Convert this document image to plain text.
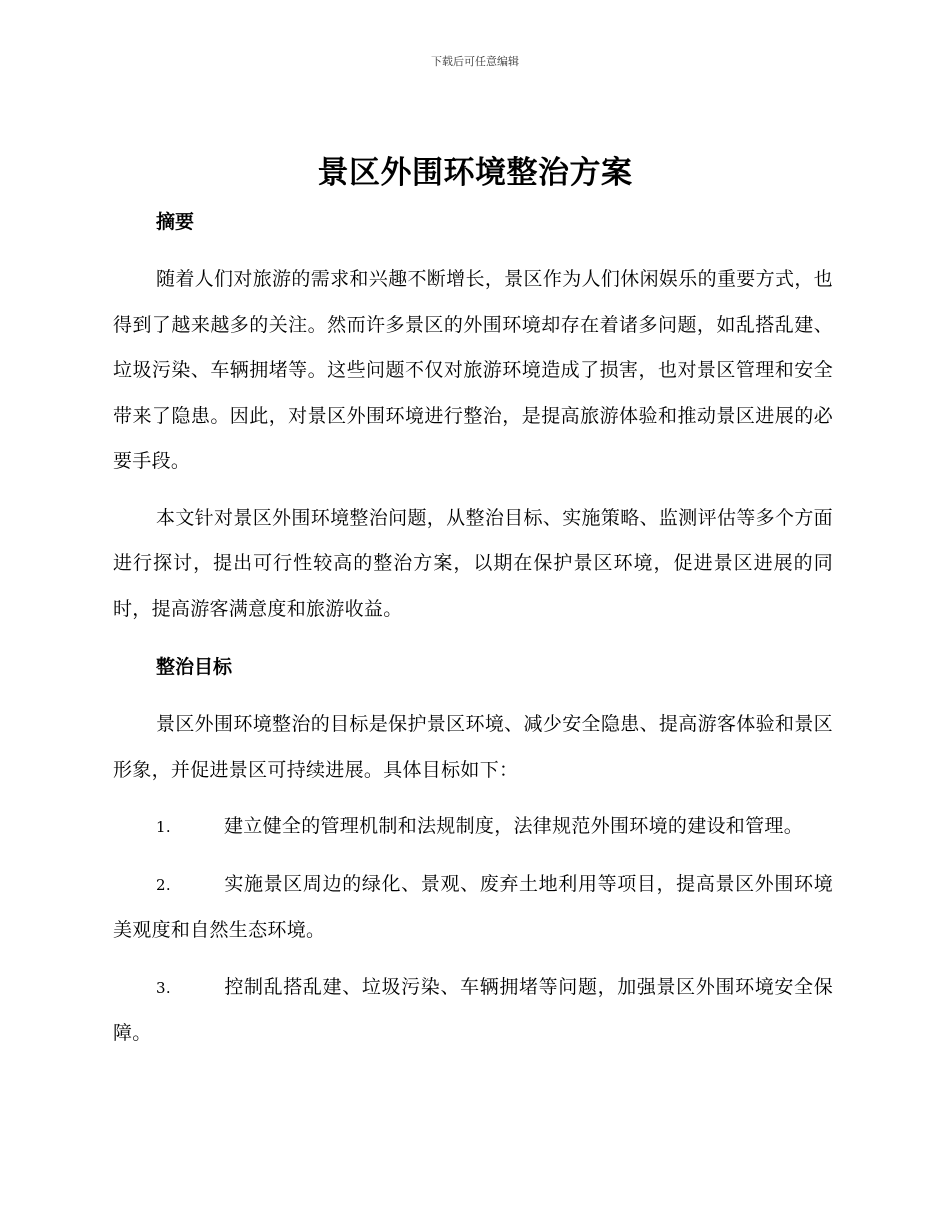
下载后可任意编辑
景区外围环境整治方案
摘要

随着人们对旅游的需求和兴趣不断增长，景区作为人们休闲娱乐的重要方式，也得到了越来越多的关注。然而许多景区的外围环境却存在着诸多问题，如乱搭乱建、垃圾污染、车辆拥堵等。这些问题不仅对旅游环境造成了损害，也对景区管理和安全带来了隐患。因此，对景区外围环境进行整治，是提高旅游体验和推动景区进展的必要手段。

本文针对景区外围环境整治问题，从整治目标、实施策略、监测评估等多个方面进行探讨，提出可行性较高的整治方案，以期在保护景区环境，促进景区进展的同时，提高游客满意度和旅游收益。

整治目标

景区外围环境整治的目标是保护景区环境、减少安全隐患、提高游客体验和景区形象，并促进景区可持续进展。具体目标如下：

1.	建立健全的管理机制和法规制度，法律规范外围环境的建设和管理。

2.	实施景区周边的绿化、景观、废弃土地利用等项目，提高景区外围环境美观度和自然生态环境。

3.	控制乱搭乱建、垃圾污染、车辆拥堵等问题，加强景区外围环境安全保障。
